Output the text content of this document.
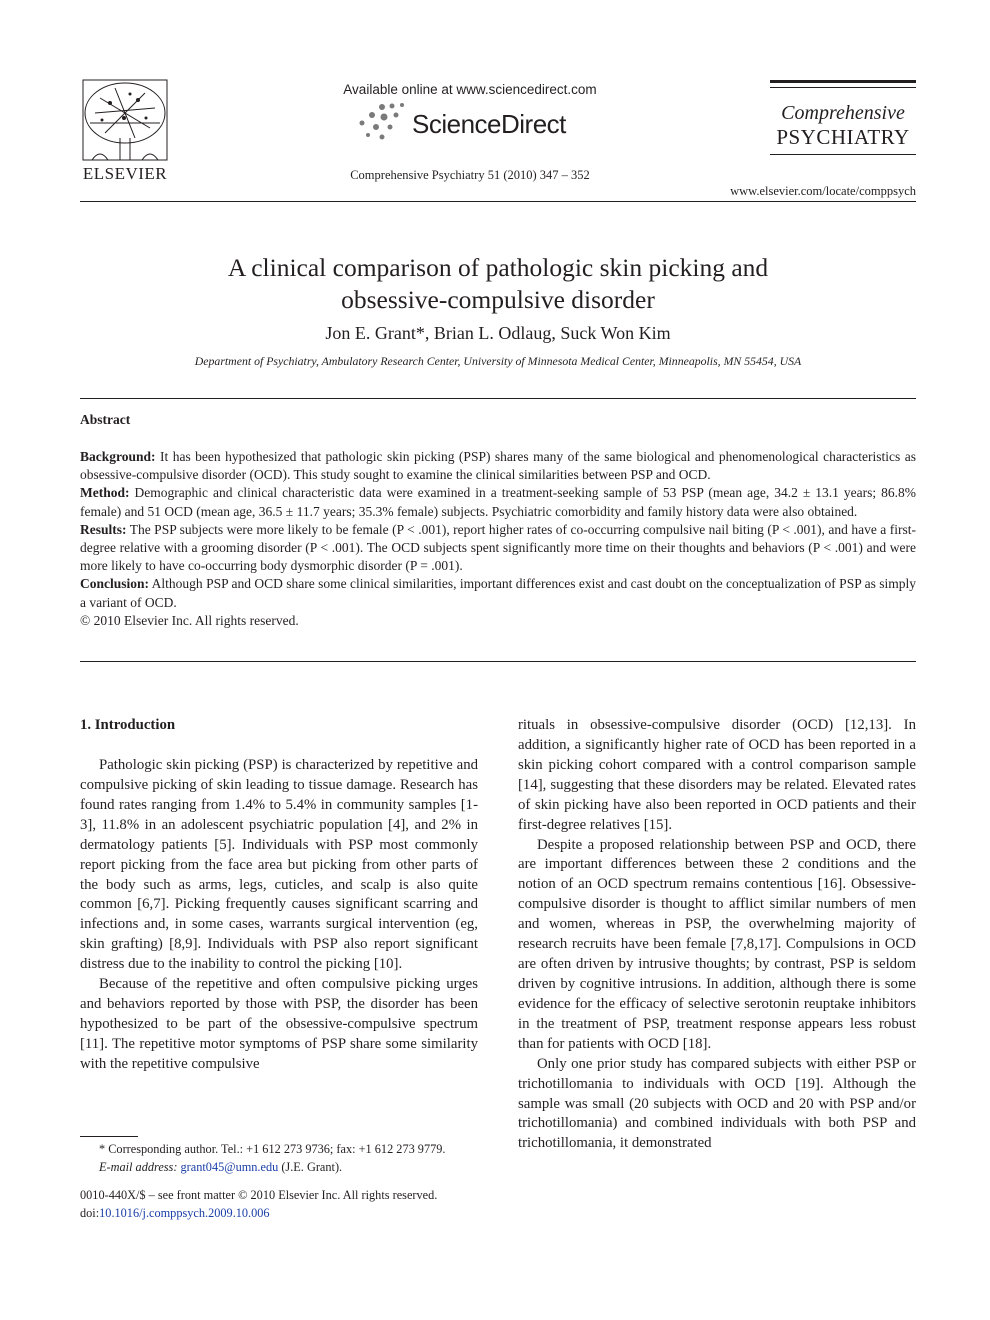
ELSEVIER
Available online at www.sciencedirect.com
ScienceDirect
Comprehensive Psychiatry 51 (2010) 347 – 352
Comprehensive
PSYCHIATRY
www.elsevier.com/locate/comppsych
A clinical comparison of pathologic skin picking and
obsessive-compulsive disorder
Jon E. Grant*, Brian L. Odlaug, Suck Won Kim
Department of Psychiatry, Ambulatory Research Center, University of Minnesota Medical Center, Minneapolis, MN 55454, USA
Abstract

Background: It has been hypothesized that pathologic skin picking (PSP) shares many of the same biological and phenomenological characteristics as obsessive-compulsive disorder (OCD). This study sought to examine the clinical similarities between PSP and OCD.

Method: Demographic and clinical characteristic data were examined in a treatment-seeking sample of 53 PSP (mean age, 34.2 ± 13.1 years; 86.8% female) and 51 OCD (mean age, 36.5 ± 11.7 years; 35.3% female) subjects. Psychiatric comorbidity and family history data were also obtained.

Results: The PSP subjects were more likely to be female (P < .001), report higher rates of co-occurring compulsive nail biting (P < .001), and have a first-degree relative with a grooming disorder (P < .001). The OCD subjects spent significantly more time on their thoughts and behaviors (P < .001) and were more likely to have co-occurring body dysmorphic disorder (P = .001).

Conclusion: Although PSP and OCD share some clinical similarities, important differences exist and cast doubt on the conceptualization of PSP as simply a variant of OCD.

© 2010 Elsevier Inc. All rights reserved.

1. Introduction

Pathologic skin picking (PSP) is characterized by repetitive and compulsive picking of skin leading to tissue damage. Research has found rates ranging from 1.4% to 5.4% in community samples [1-3], 11.8% in an adolescent psychiatric population [4], and 2% in dermatology patients [5]. Individuals with PSP most commonly report picking from the face area but picking from other parts of the body such as arms, legs, cuticles, and scalp is also quite common [6,7]. Picking frequently causes significant scarring and infections and, in some cases, warrants surgical intervention (eg, skin grafting) [8,9]. Individuals with PSP also report significant distress due to the inability to control the picking [10].

Because of the repetitive and often compulsive picking urges and behaviors reported by those with PSP, the disorder has been hypothesized to be part of the obsessive-compulsive spectrum [11]. The repetitive motor symptoms of PSP share some similarity with the repetitive compulsive

rituals in obsessive-compulsive disorder (OCD) [12,13]. In addition, a significantly higher rate of OCD has been reported in a skin picking cohort compared with a control comparison sample [14], suggesting that these disorders may be related. Elevated rates of skin picking have also been reported in OCD patients and their first-degree relatives [15].

Despite a proposed relationship between PSP and OCD, there are important differences between these 2 conditions and the notion of an OCD spectrum remains contentious [16]. Obsessive-compulsive disorder is thought to afflict similar numbers of men and women, whereas in PSP, the overwhelming majority of research recruits have been female [7,8,17]. Compulsions in OCD are often driven by intrusive thoughts; by contrast, PSP is seldom driven by cognitive intrusions. In addition, although there is some evidence for the efficacy of selective serotonin reuptake inhibitors in the treatment of PSP, treatment response appears less robust than for patients with OCD [18].

Only one prior study has compared subjects with either PSP or trichotillomania to individuals with OCD [19]. Although the sample was small (20 subjects with OCD and 20 with PSP and/or trichotillomania) and combined individuals with both PSP and trichotillomania, it demonstrated

* Corresponding author. Tel.: +1 612 273 9736; fax: +1 612 273 9779.
E-mail address: grant045@umn.edu (J.E. Grant).
0010-440X/$ – see front matter © 2010 Elsevier Inc. All rights reserved.
doi:10.1016/j.comppsych.2009.10.006
